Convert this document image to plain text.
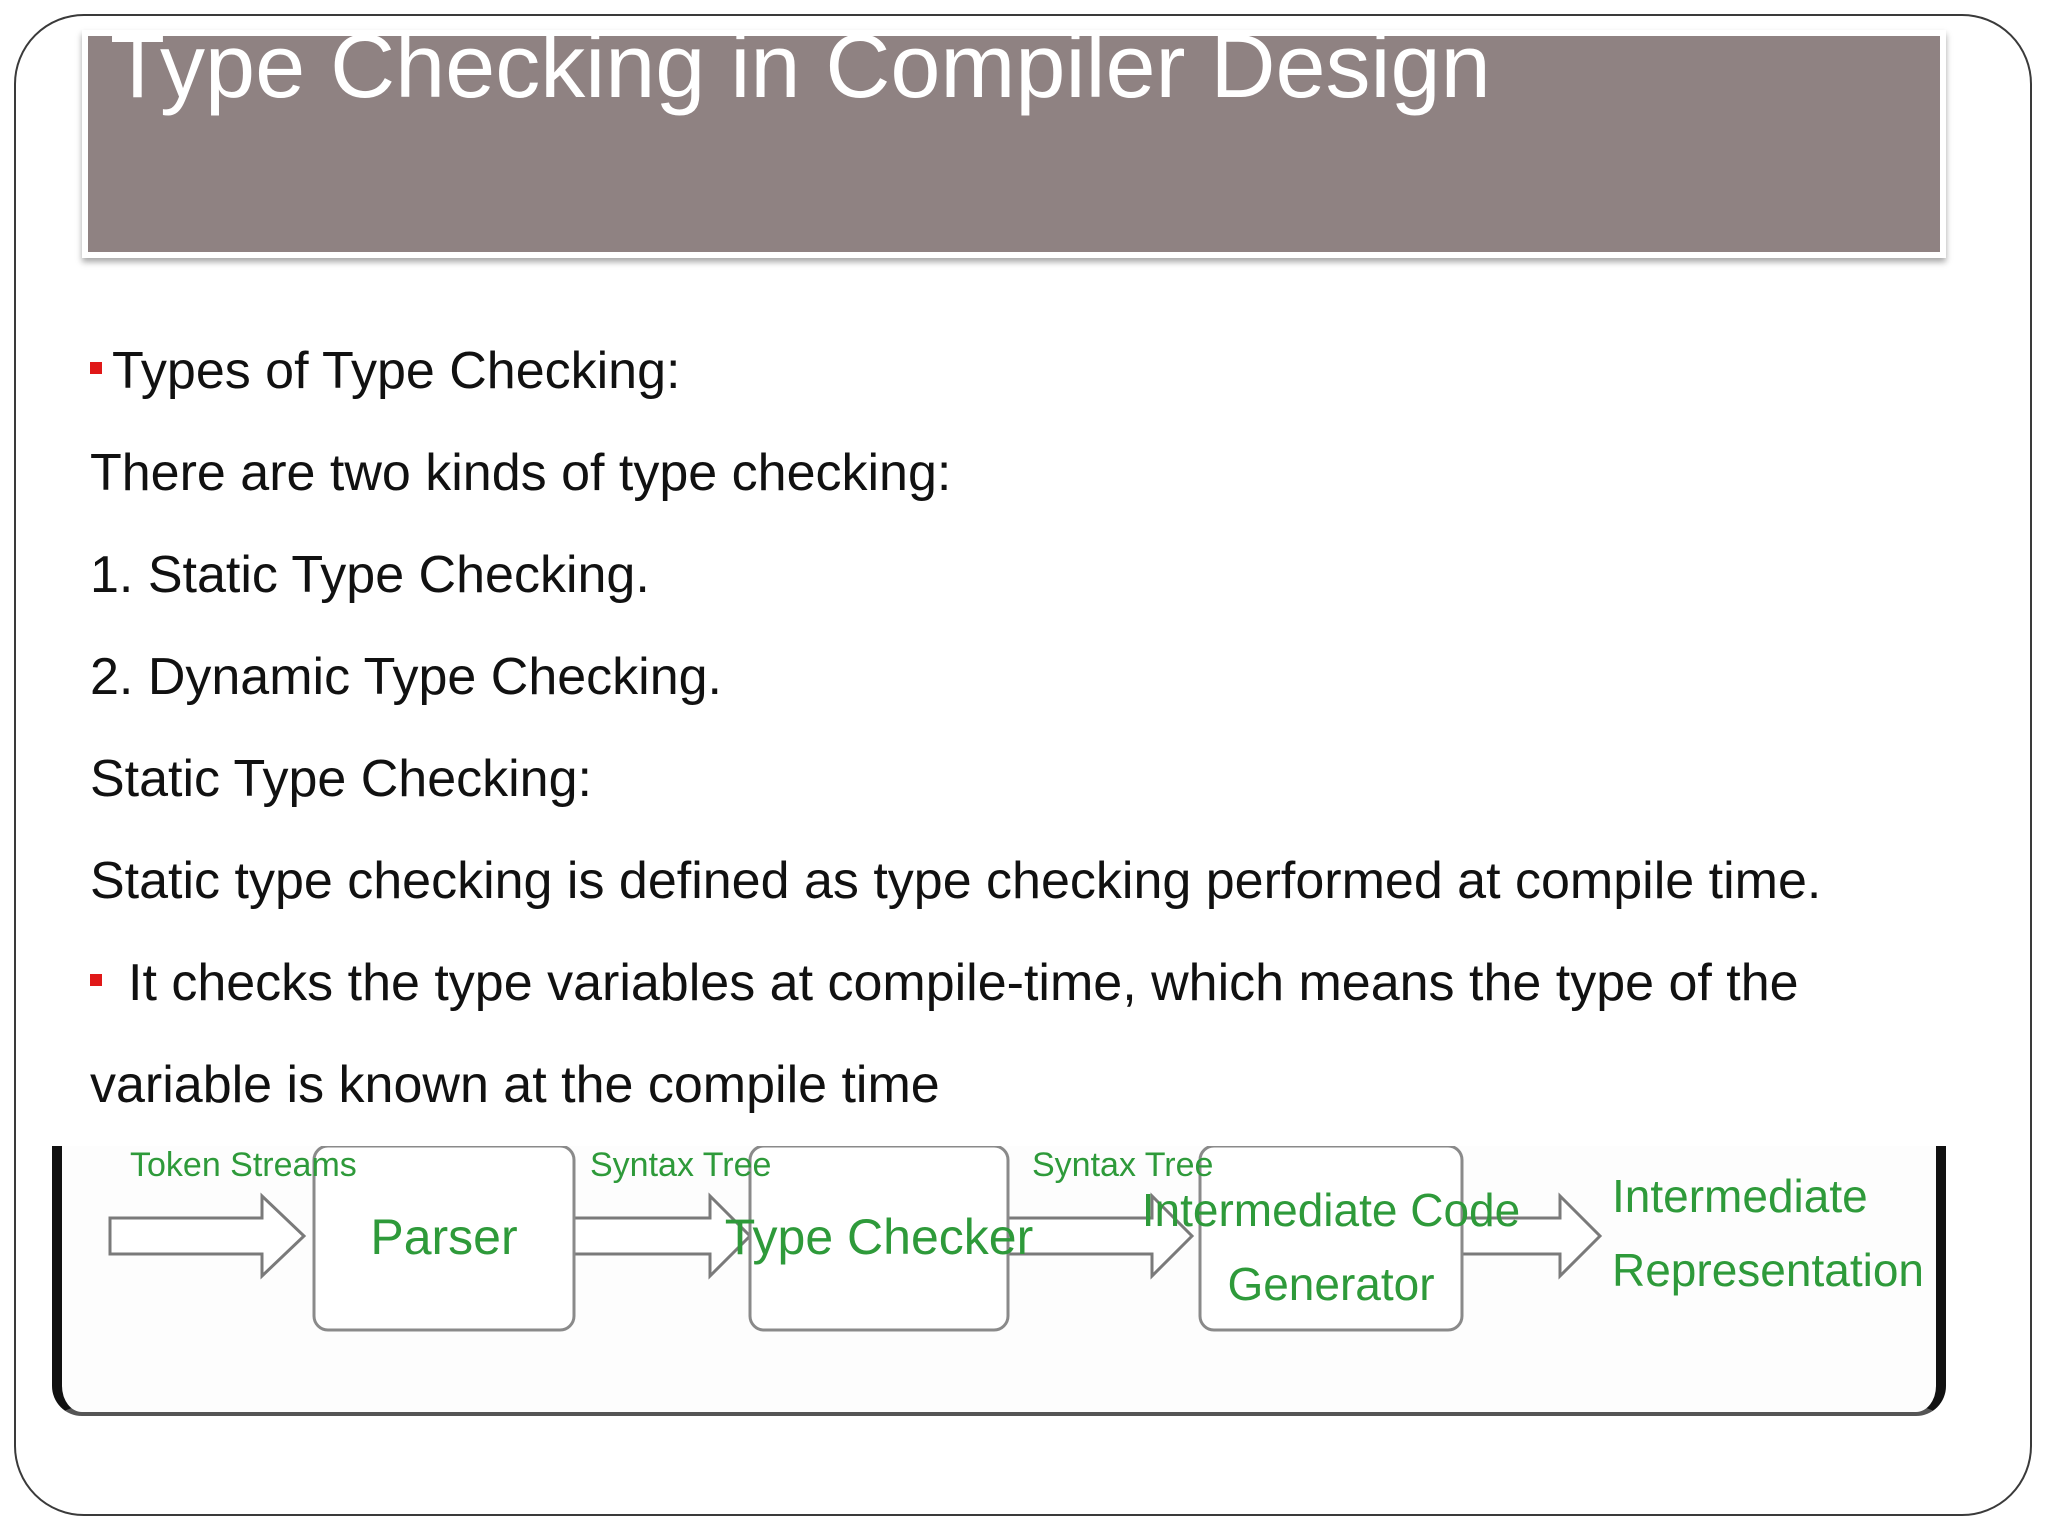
Type Checking in Compiler Design
Types of Type Checking:
There are two kinds of type checking:
1. Static Type Checking.
2. Dynamic Type Checking.
Static Type Checking:
Static type checking is defined as type checking performed at compile time.
It checks the type variables at compile-time, which means the type of the
variable is known at the compile time
Token Streams	Syntax Tree	Syntax Tree
Parser	Type Checker Intermediate Code
Generator
Intermediate
Representation
